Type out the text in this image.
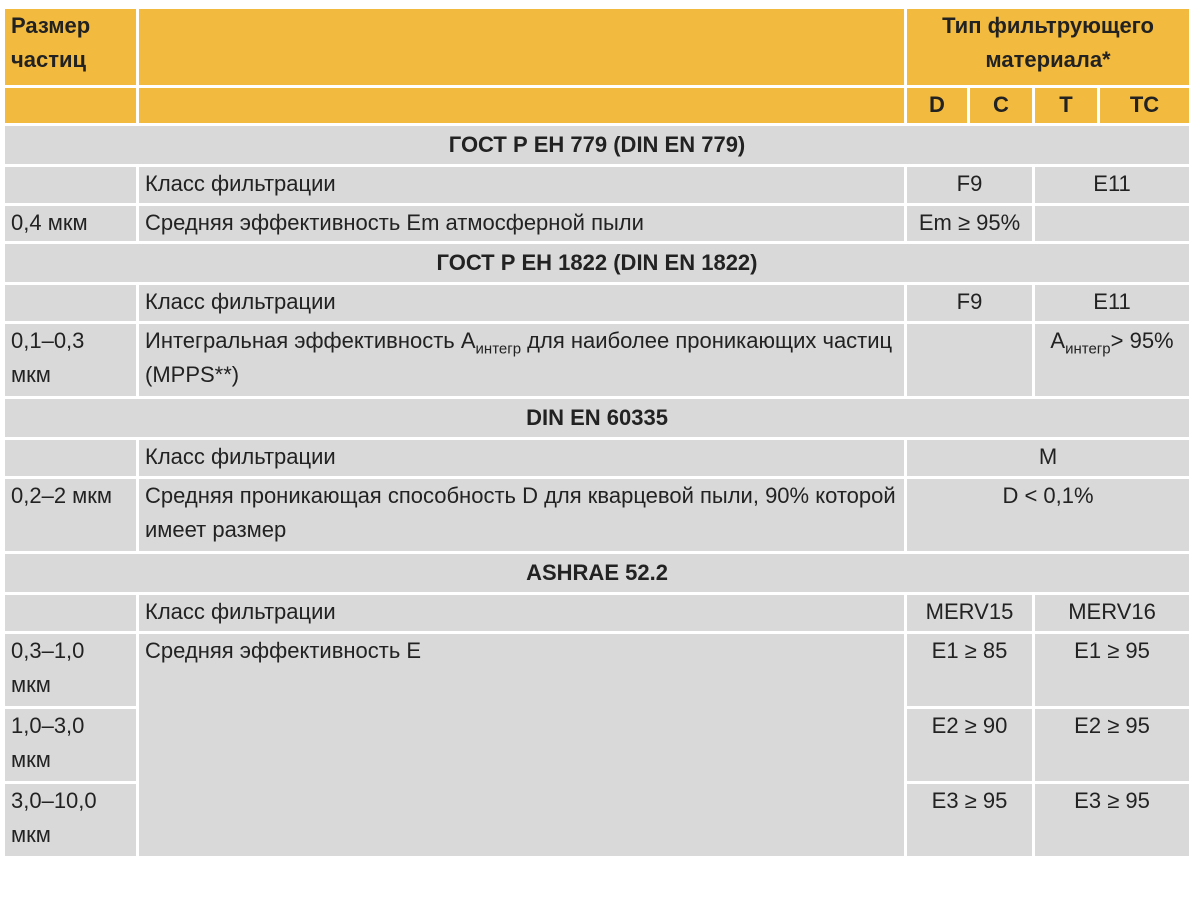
Размер частиц		Тип фильтрующего материала*			
		D	C	T	TC
ГОСТ Р ЕН 779 (DIN EN 779)					
	Класс фильтрации	F9		E11	
0,4 мкм	Средняя эффективность Em атмосферной пыли	Em ≥ 95%			
ГОСТ Р ЕН 1822 (DIN EN 1822)					
	Класс фильтрации	F9		E11	
0,1–0,3 мкм	Интегральная эффективность $A_{интегр}$ для наиболее проникающих частиц (MPPS**)			$A_{интегр}> 95\%$	
DIN EN 60335					
	Класс фильтрации	M			
0,2–2 мкм	Средняя проникающая способность D для кварцевой пыли, 90% которой имеет размер	D < 0,1%			
ASHRAE 52.2					
	Класс фильтрации	MERV15		MERV16	
0,3–1,0 мкм	Средняя эффективность E	E1 ≥ 85		E1 ≥ 95	
1,0–3,0 мкм		E2 ≥ 90		E2 ≥ 95	
3,0–10,0 мкм		E3 ≥ 95		E3 ≥ 95	
